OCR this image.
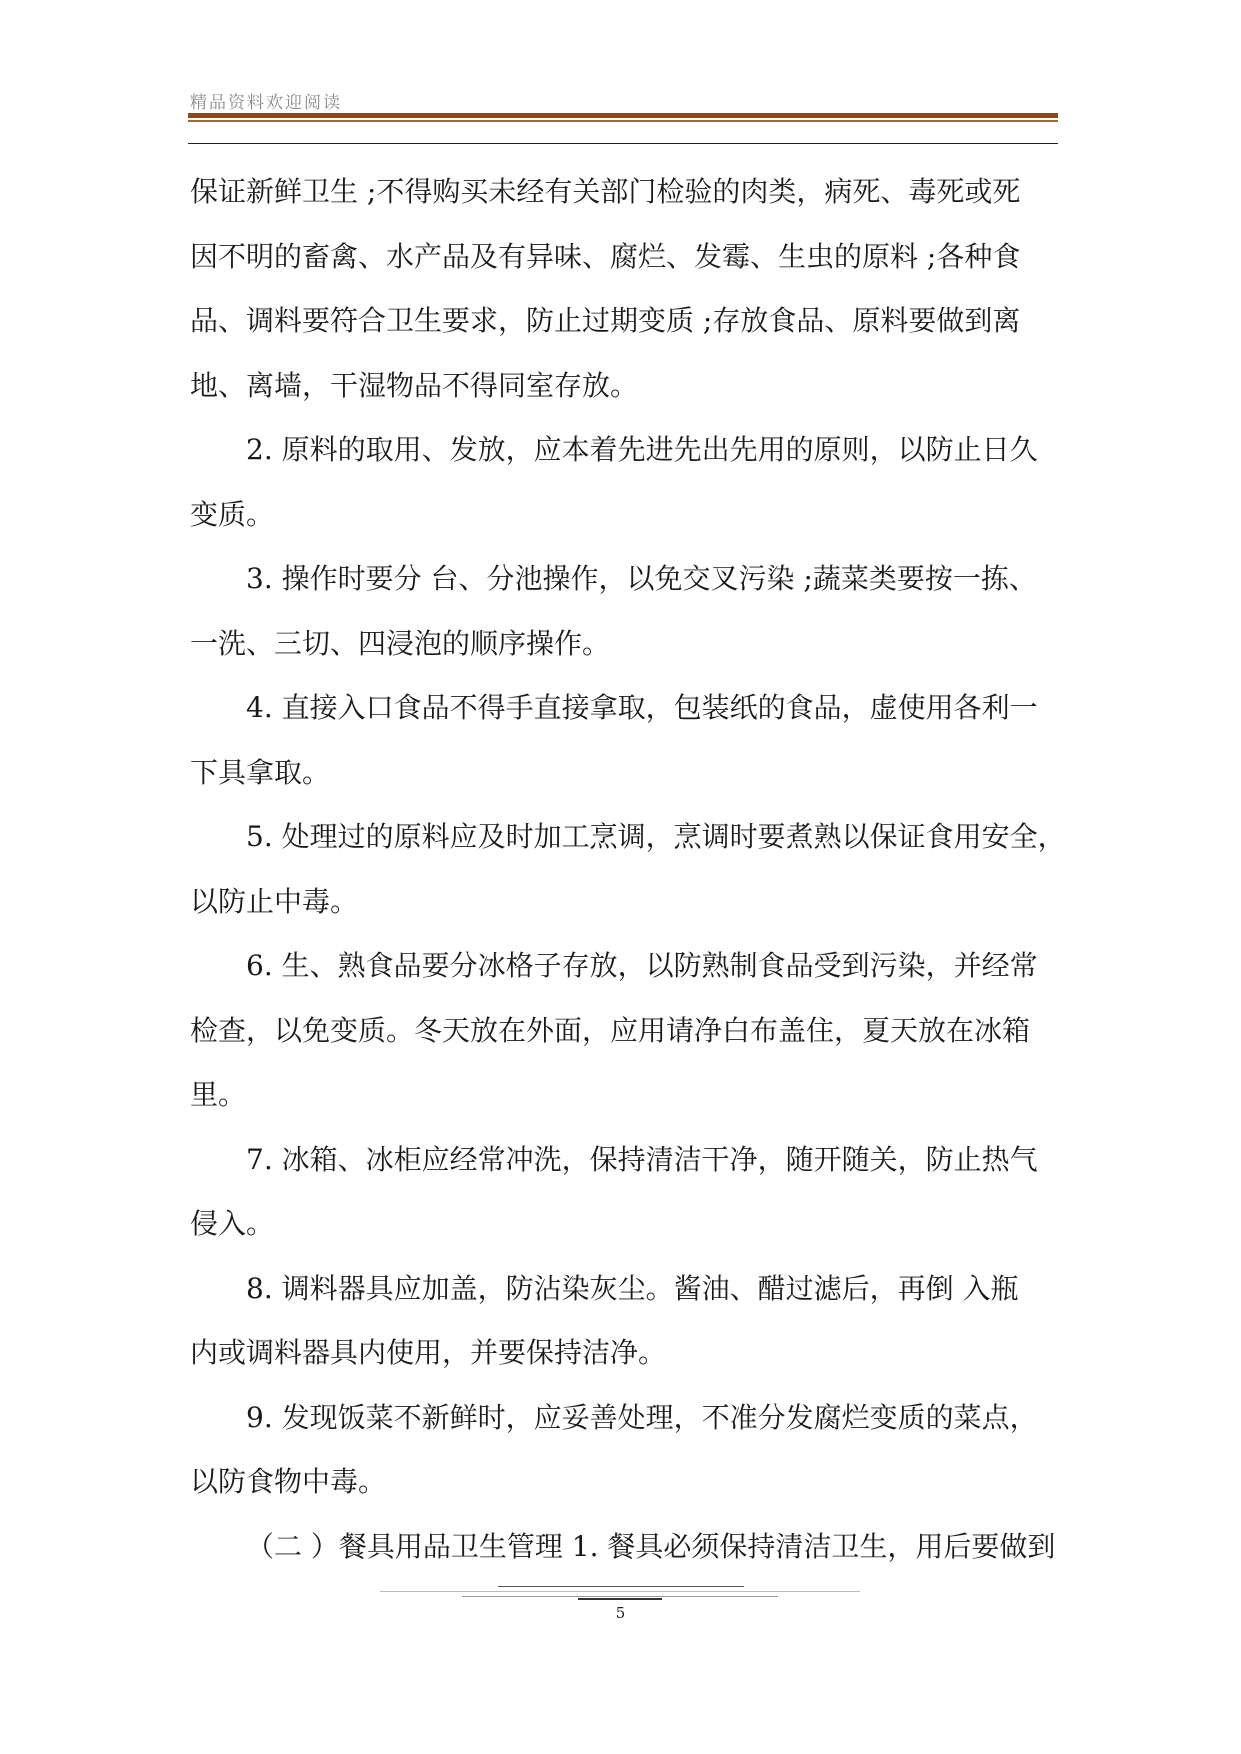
精品资料欢迎阅读
保证新鲜卫生 ;不得购买未经有关部门检验的肉类，病死、毒死或死
因不明的畜禽、水产品及有异味、腐烂、发霉、生虫的原料 ;各种食
品、调料要符合卫生要求，防止过期变质 ;存放食品、原料要做到离
地、离墙，干湿物品不得同室存放。
2. 原料的取用、发放，应本着先进先出先用的原则，以防止日久
变质。
3. 操作时要分 台、分池操作，以免交叉污染 ;蔬菜类要按一拣、
一洗、三切、四浸泡的顺序操作。
4. 直接入口食品不得手直接拿取，包装纸的食品，虚使用各利一
下具拿取。
5. 处理过的原料应及时加工烹调，烹调时要煮熟以保证食用安全，
以防止中毒。
6. 生、熟食品要分冰格子存放，以防熟制食品受到污染，并经常
检查，以免变质。冬天放在外面，应用请净白布盖住，夏天放在冰箱
里。
7. 冰箱、冰柜应经常冲洗，保持清洁干净，随开随关，防止热气
侵入。
8. 调料器具应加盖，防沾染灰尘。酱油、醋过滤后，再倒 入瓶
内或调料器具内使用，并要保持洁净。
9. 发现饭菜不新鲜时，应妥善处理，不准分发腐烂变质的菜点，
以防食物中毒。
（二 ）餐具用品卫生管理 1. 餐具必须保持清洁卫生，用后要做到
5
